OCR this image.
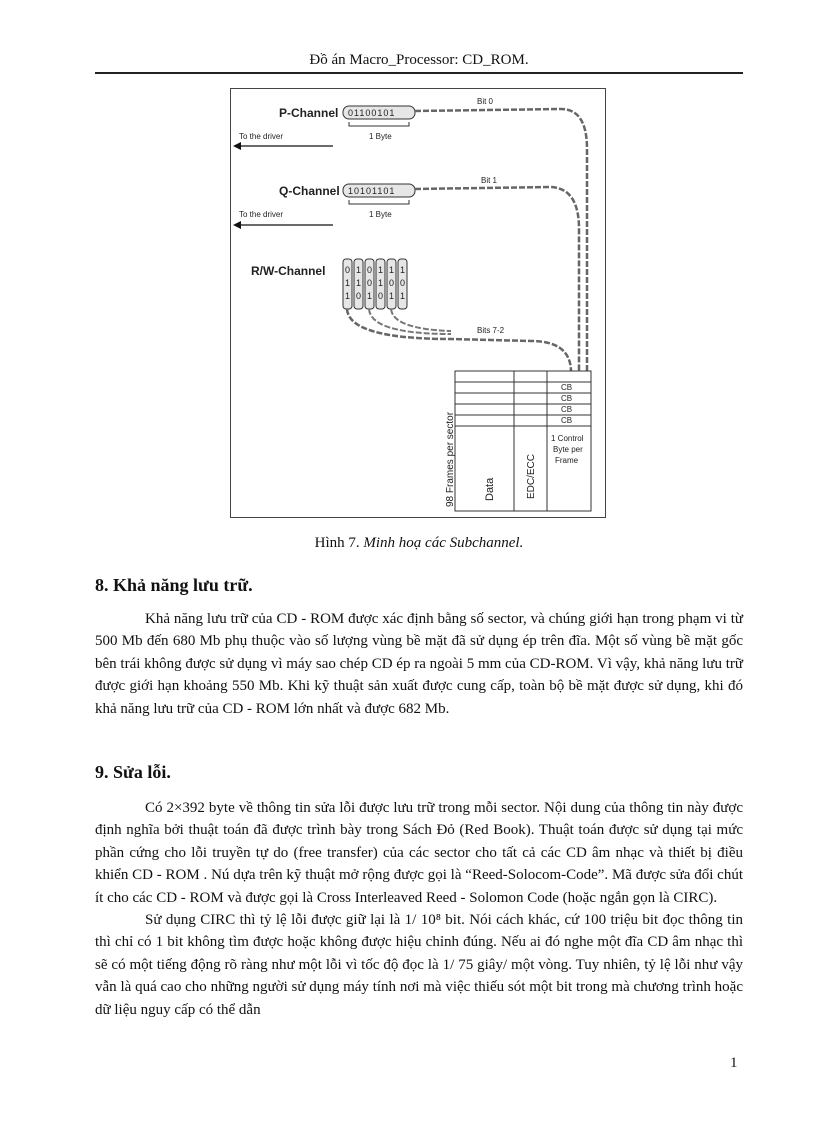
Đồ án Macro_Processor: CD_ROM.
P-Channel 01100101
Bit 0
1 Byte
To the driver
Q-Channel 10101101
Bit 1
1 Byte
To the driver
R/W-Channel 0
1
1
1
1
0
0
0
1
1
1
0
1
0
1
1
0
1
Bits 7-2
CB
CB
CB
CB
1 Control
Byte per
Frame
98 Frames per sector	Data	EDC/ECC
Hình 7. Minh hoạ các Subchannel.
8. Khả năng lưu trữ.

Khả năng lưu trữ của CD - ROM được xác định bằng số sector, và chúng giới hạn trong phạm vi từ 500 Mb đến 680 Mb phụ thuộc vào số lượng vùng bề mặt đã sử dụng ép trên đĩa. Một số vùng bề mặt gốc bên trái không được sử dụng vì máy sao chép CD ép ra ngoài 5 mm của CD-ROM. Vì vậy, khả năng lưu trữ được giới hạn khoảng 550 Mb. Khi kỹ thuật sản xuất được cung cấp, toàn bộ bề mặt được sử dụng, khi đó khả năng lưu trữ của CD - ROM lớn nhất và được 682 Mb.

9. Sửa lỗi.

Có 2×392 byte về thông tin sửa lỗi được lưu trữ trong mỗi sector. Nội dung của thông tin này được định nghĩa bởi thuật toán đã được trình bày trong Sách Đỏ (Red Book). Thuật toán được sử dụng tại mức phần cứng cho lỗi truyền tự do (free transfer) của các sector cho tất cả các CD âm nhạc và thiết bị điều khiển CD - ROM . Nú dựa trên kỹ thuật mở rộng được gọi là “Reed-Solocom-Code”. Mã được sửa đổi chút ít cho các CD - ROM và được gọi là Cross Interleaved Reed - Solomon Code (hoặc ngắn gọn là CIRC).

Sử dụng CIRC thì tỷ lệ lỗi được giữ lại là 1/ 10⁸ bit. Nói cách khác, cứ 100 triệu bit đọc thông tin thì chỉ có 1 bit không tìm được hoặc không được hiệu chỉnh đúng. Nếu ai đó nghe một đĩa CD âm nhạc thì sẽ có một tiếng động rõ ràng như một lỗi vì tốc độ đọc là 1/ 75 giây/ một vòng. Tuy nhiên, tỷ lệ lỗi như vậy vẫn là quá cao cho những người sử dụng máy tính nơi mà việc thiếu sót một bit trong mà chương trình hoặc dữ liệu nguy cấp có thể dẫn

1
